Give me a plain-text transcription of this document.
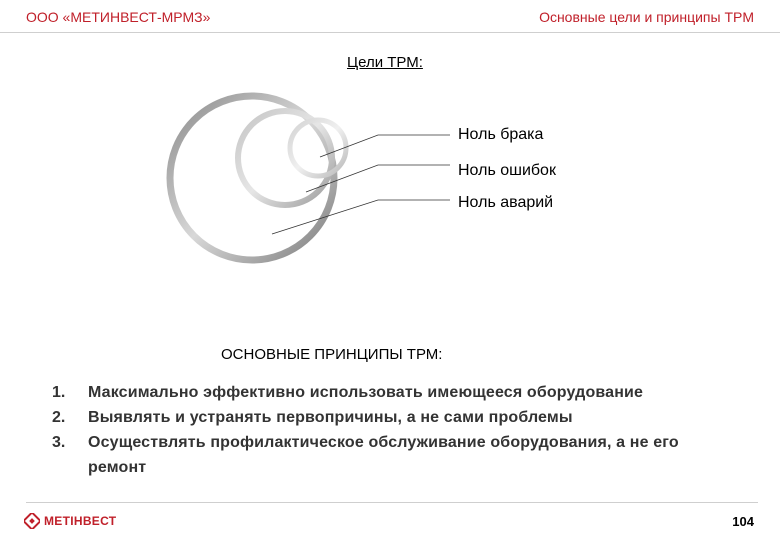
ООО «МЕТИНВЕСТ-МРМЗ»	Основные цели и принципы TPM
Цели ТРМ:
Ноль брака
Ноль ошибок
Ноль аварий
ОСНОВНЫЕ ПРИНЦИПЫ ТРМ:
1.	Максимально эффективно использовать имеющееся оборудование
2.	Выявлять и устранять первопричины, а не сами проблемы
3.	Осуществлять профилактическое обслуживание оборудования, а не его ремонт
МЕТІНВЕСТ	104
